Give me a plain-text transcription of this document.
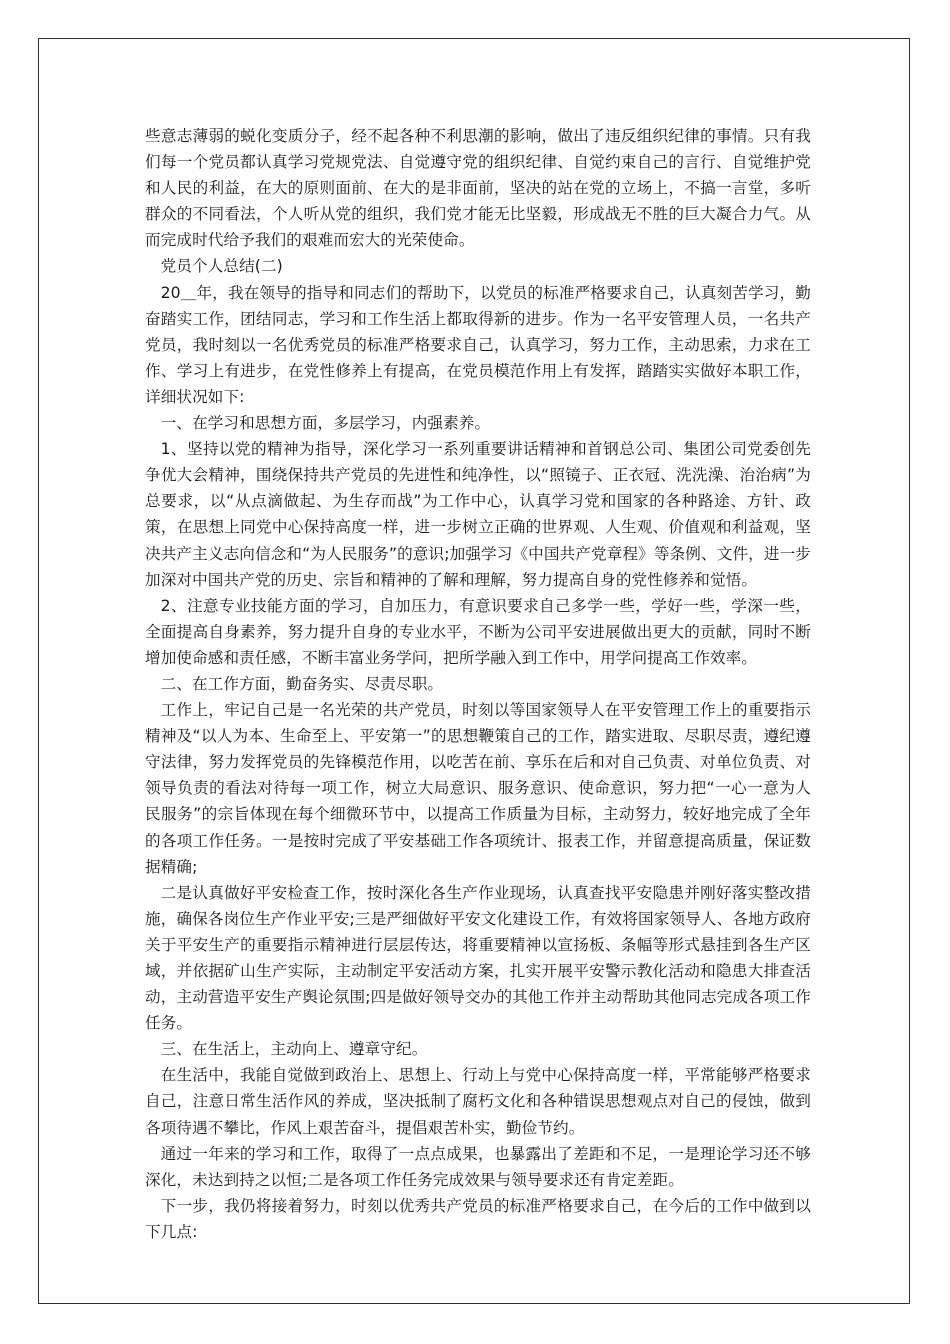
些意志薄弱的蜕化变质分子，经不起各种不利思潮的影响，做出了违反组织纪律的事情。只有我们每一个党员都认真学习党规党法、自觉遵守党的组织纪律、自觉约束自己的言行、自觉维护党和人民的利益，在大的原则面前、在大的是非面前，坚决的站在党的立场上，不搞一言堂，多听群众的不同看法，个人听从党的组织，我们党才能无比坚毅，形成战无不胜的巨大凝合力气。从而完成时代给予我们的艰难而宏大的光荣使命。

党员个人总结(二)

20＿年，我在领导的指导和同志们的帮助下，以党员的标准严格要求自己，认真刻苦学习，勤奋踏实工作，团结同志，学习和工作生活上都取得新的进步。作为一名平安管理人员，一名共产党员，我时刻以一名优秀党员的标准严格要求自己，认真学习，努力工作，主动思索，力求在工作、学习上有进步，在党性修养上有提高，在党员模范作用上有发挥，踏踏实实做好本职工作，详细状况如下:

一、在学习和思想方面，多层学习，内强素养。

1、坚持以党的精神为指导，深化学习一系列重要讲话精神和首钢总公司、集团公司党委创先争优大会精神，围绕保持共产党员的先进性和纯净性，以“照镜子、正衣冠、洗洗澡、治治病”为总要求，以“从点滴做起、为生存而战”为工作中心，认真学习党和国家的各种路途、方针、政策，在思想上同党中心保持高度一样，进一步树立正确的世界观、人生观、价值观和利益观，坚决共产主义志向信念和“为人民服务”的意识;加强学习《中国共产党章程》等条例、文件，进一步加深对中国共产党的历史、宗旨和精神的了解和理解，努力提高自身的党性修养和觉悟。

2、注意专业技能方面的学习，自加压力，有意识要求自己多学一些，学好一些，学深一些，全面提高自身素养，努力提升自身的专业水平，不断为公司平安进展做出更大的贡献，同时不断增加使命感和责任感，不断丰富业务学问，把所学融入到工作中，用学问提高工作效率。

二、在工作方面，勤奋务实、尽责尽职。

工作上，牢记自己是一名光荣的共产党员，时刻以等国家领导人在平安管理工作上的重要指示精神及“以人为本、生命至上、平安第一”的思想鞭策自己的工作，踏实进取、尽职尽责，遵纪遵守法律，努力发挥党员的先锋模范作用，以吃苦在前、享乐在后和对自己负责、对单位负责、对领导负责的看法对待每一项工作，树立大局意识、服务意识、使命意识，努力把“一心一意为人民服务”的宗旨体现在每个细微环节中，以提高工作质量为目标，主动努力，较好地完成了全年的各项工作任务。一是按时完成了平安基础工作各项统计、报表工作，并留意提高质量，保证数据精确;

二是认真做好平安检查工作，按时深化各生产作业现场，认真查找平安隐患并刚好落实整改措施，确保各岗位生产作业平安;三是严细做好平安文化建设工作，有效将国家领导人、各地方政府关于平安生产的重要指示精神进行层层传达，将重要精神以宣扬板、条幅等形式悬挂到各生产区域，并依据矿山生产实际，主动制定平安活动方案，扎实开展平安警示教化活动和隐患大排查活动，主动营造平安生产舆论氛围;四是做好领导交办的其他工作并主动帮助其他同志完成各项工作任务。

三、在生活上，主动向上、遵章守纪。

在生活中，我能自觉做到政治上、思想上、行动上与党中心保持高度一样，平常能够严格要求自己，注意日常生活作风的养成，坚决抵制了腐朽文化和各种错误思想观点对自己的侵蚀，做到各项待遇不攀比，作风上艰苦奋斗，提倡艰苦朴实，勤俭节约。

通过一年来的学习和工作，取得了一点点成果，也暴露出了差距和不足，一是理论学习还不够深化，未达到持之以恒;二是各项工作任务完成效果与领导要求还有肯定差距。

下一步，我仍将接着努力，时刻以优秀共产党员的标准严格要求自己，在今后的工作中做到以下几点:
